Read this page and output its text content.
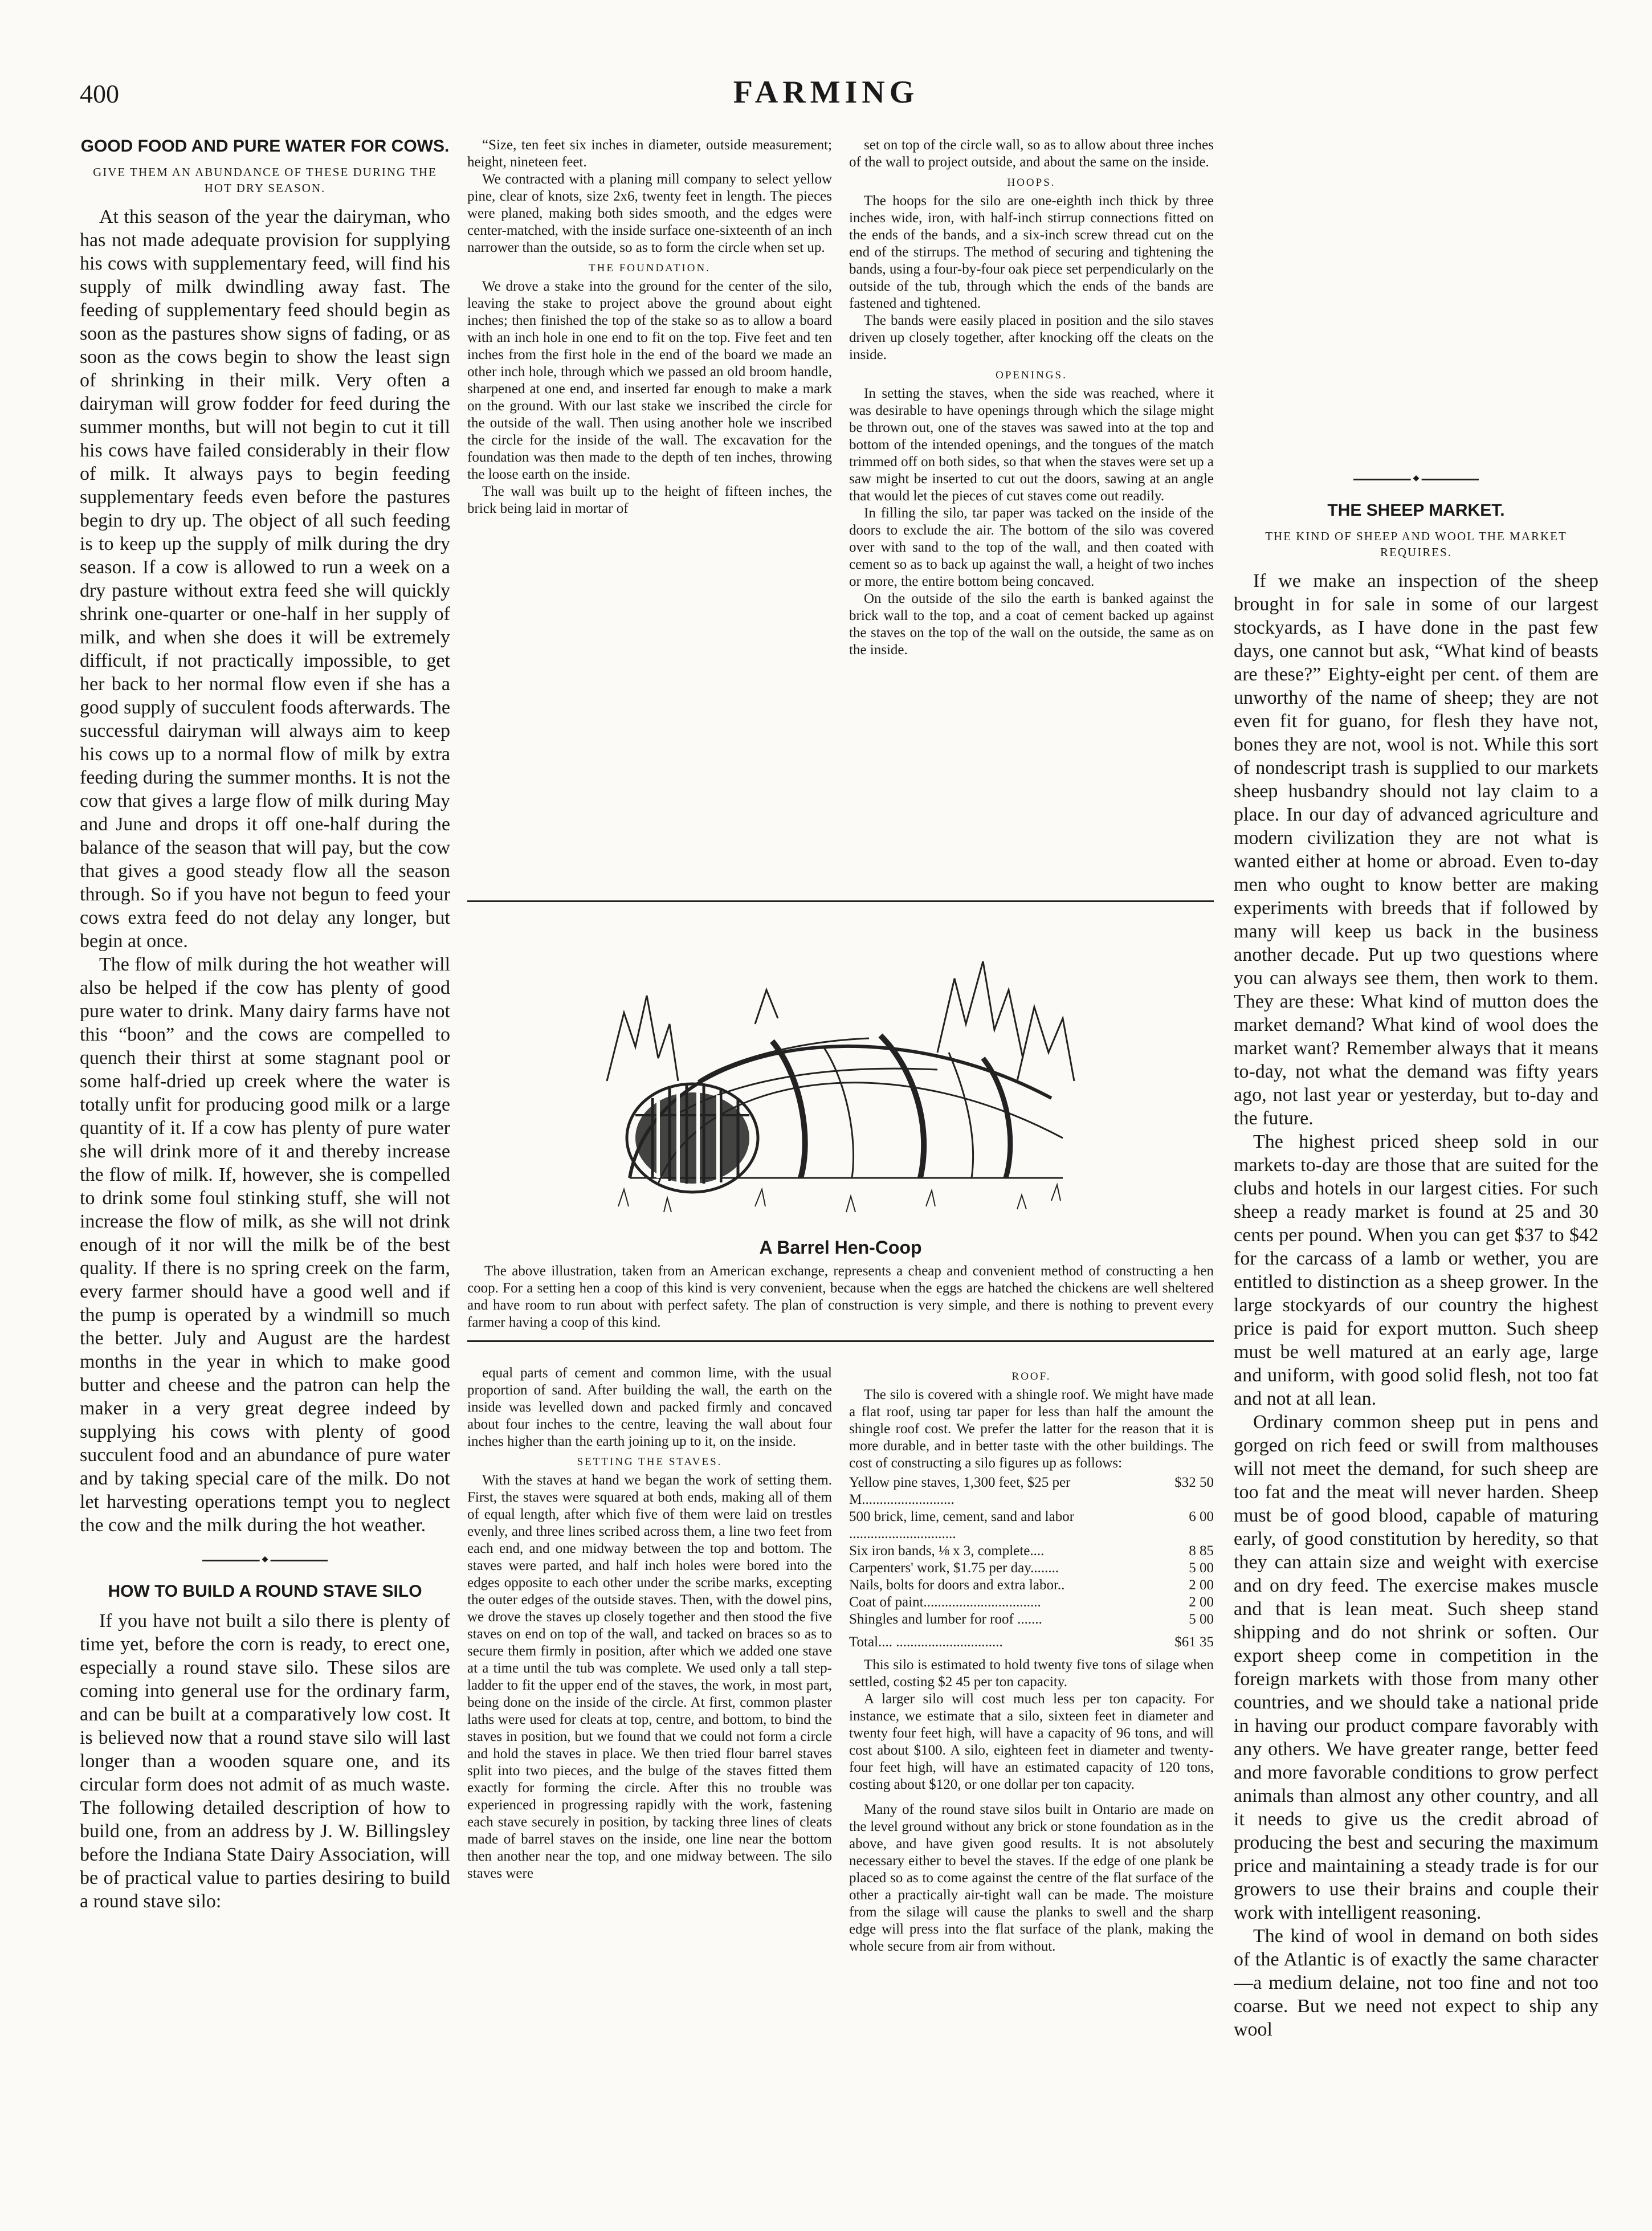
400	FARMING
GOOD FOOD AND PURE WATER FOR COWS.
GIVE THEM AN ABUNDANCE OF THESE DURING THE HOT DRY SEASON.

At this season of the year the dairyman, who has not made adequate provision for supplying his cows with supplementary feed, will find his supply of milk dwindling away fast. The feeding of supplementary feed should begin as soon as the pastures show signs of fading, or as soon as the cows begin to show the least sign of shrinking in their milk. Very often a dairyman will grow fodder for feed during the summer months, but will not begin to cut it till his cows have failed considerably in their flow of milk. It always pays to begin feeding supplementary feeds even before the pastures begin to dry up. The object of all such feeding is to keep up the supply of milk during the dry season. If a cow is allowed to run a week on a dry pasture without extra feed she will quickly shrink one-quarter or one-half in her supply of milk, and when she does it will be extremely difficult, if not practically impossible, to get her back to her normal flow even if she has a good supply of succulent foods afterwards. The successful dairyman will always aim to keep his cows up to a normal flow of milk by extra feeding during the summer months. It is not the cow that gives a large flow of milk during May and June and drops it off one-half during the balance of the season that will pay, but the cow that gives a good steady flow all the season through. So if you have not begun to feed your cows extra feed do not delay any longer, but begin at once.

The flow of milk during the hot weather will also be helped if the cow has plenty of good pure water to drink. Many dairy farms have not this “boon” and the cows are compelled to quench their thirst at some stagnant pool or some half-dried up creek where the water is totally unfit for producing good milk or a large quantity of it. If a cow has plenty of pure water she will drink more of it and thereby increase the flow of milk. If, however, she is compelled to drink some foul stinking stuff, she will not increase the flow of milk, as she will not drink enough of it nor will the milk be of the best quality. If there is no spring creek on the farm, every farmer should have a good well and if the pump is operated by a windmill so much the better. July and August are the hardest months in the year in which to make good butter and cheese and the patron can help the maker in a very great degree indeed by supplying his cows with plenty of good succulent food and an abundance of pure water and by taking special care of the milk. Do not let harvesting operations tempt you to neglect the cow and the milk during the hot weather.

◆
HOW TO BUILD A ROUND STAVE SILO

If you have not built a silo there is plenty of time yet, before the corn is ready, to erect one, especially a round stave silo. These silos are coming into general use for the ordinary farm, and can be built at a comparatively low cost. It is believed now that a round stave silo will last longer than a wooden square one, and its circular form does not admit of as much waste. The following detailed description of how to build one, from an address by J. W. Billingsley before the Indiana State Dairy Association, will be of practical value to parties desiring to build a round stave silo:

“Size, ten feet six inches in diameter, outside measurement; height, nineteen feet.

We contracted with a planing mill company to select yellow pine, clear of knots, size 2x6, twenty feet in length. The pieces were planed, making both sides smooth, and the edges were center-matched, with the inside surface one-sixteenth of an inch narrower than the outside, so as to form the circle when set up.

THE FOUNDATION.

We drove a stake into the ground for the center of the silo, leaving the stake to project above the ground about eight inches; then finished the top of the stake so as to allow a board with an inch hole in one end to fit on the top. Five feet and ten inches from the first hole in the end of the board we made an other inch hole, through which we passed an old broom handle, sharpened at one end, and inserted far enough to make a mark on the ground. With our last stake we inscribed the circle for the outside of the wall. Then using another hole we inscribed the circle for the inside of the wall. The excavation for the foundation was then made to the depth of ten inches, throwing the loose earth on the inside.

The wall was built up to the height of fifteen inches, the brick being laid in mortar of

set on top of the circle wall, so as to allow about three inches of the wall to project outside, and about the same on the inside.

HOOPS.

The hoops for the silo are one-eighth inch thick by three inches wide, iron, with half-inch stirrup connections fitted on the ends of the bands, and a six-inch screw thread cut on the end of the stirrups. The method of securing and tightening the bands, using a four-by-four oak piece set perpendicularly on the outside of the tub, through which the ends of the bands are fastened and tightened.

The bands were easily placed in position and the silo staves driven up closely together, after knocking off the cleats on the inside.

OPENINGS.

In setting the staves, when the side was reached, where it was desirable to have openings through which the silage might be thrown out, one of the staves was sawed into at the top and bottom of the intended openings, and the tongues of the match trimmed off on both sides, so that when the staves were set up a saw might be inserted to cut out the doors, sawing at an angle that would let the pieces of cut staves come out readily.

In filling the silo, tar paper was tacked on the inside of the doors to exclude the air. The bottom of the silo was covered over with sand to the top of the wall, and then coated with cement so as to back up against the wall, a height of two inches or more, the entire bottom being concaved.

On the outside of the silo the earth is banked against the brick wall to the top, and a coat of cement backed up against the staves on the top of the wall on the outside, the same as on the inside.

A Barrel Hen-Coop

The above illustration, taken from an American exchange, represents a cheap and convenient method of constructing a hen coop. For a setting hen a coop of this kind is very convenient, because when the eggs are hatched the chickens are well sheltered and have room to run about with perfect safety. The plan of construction is very simple, and there is nothing to prevent every farmer having a coop of this kind.

equal parts of cement and common lime, with the usual proportion of sand. After building the wall, the earth on the inside was levelled down and packed firmly and concaved about four inches to the centre, leaving the wall about four inches higher than the earth joining up to it, on the inside.

SETTING THE STAVES.

With the staves at hand we began the work of setting them. First, the staves were squared at both ends, making all of them of equal length, after which five of them were laid on trestles evenly, and three lines scribed across them, a line two feet from each end, and one midway between the top and bottom. The staves were parted, and half inch holes were bored into the edges opposite to each other under the scribe marks, excepting the outer edges of the outside staves. Then, with the dowel pins, we drove the staves up closely together and then stood the five staves on end on top of the wall, and tacked on braces so as to secure them firmly in position, after which we added one stave at a time until the tub was complete. We used only a tall step-ladder to fit the upper end of the staves, the work, in most part, being done on the inside of the circle. At first, common plaster laths were used for cleats at top, centre, and bottom, to bind the staves in position, but we found that we could not form a circle and hold the staves in place. We then tried flour barrel staves split into two pieces, and the bulge of the staves fitted them exactly for forming the circle. After this no trouble was experienced in progressing rapidly with the work, fastening each stave securely in position, by tacking three lines of cleats made of barrel staves on the inside, one line near the bottom then another near the top, and one midway between. The silo staves were

ROOF.

The silo is covered with a shingle roof. We might have made a flat roof, using tar paper for less than half the amount the shingle roof cost. We prefer the latter for the reason that it is more durable, and in better taste with the other buildings. The cost of constructing a silo figures up as follows:

Yellow pine staves, 1,300 feet, $25 per M..........................	$32 50
500 brick, lime, cement, sand and labor ..............................	6 00
Six iron bands, ⅛ x 3, complete....	8 85
Carpenters' work, $1.75 per day........	5 00
Nails, bolts for doors and extra labor..	2 00
Coat of paint.................................	2 00
Shingles and lumber for roof .......	5 00
Total.... ..............................	$61 35

This silo is estimated to hold twenty five tons of silage when settled, costing $2 45 per ton capacity.

A larger silo will cost much less per ton capacity. For instance, we estimate that a silo, sixteen feet in diameter and twenty four feet high, will have a capacity of 96 tons, and will cost about $100. A silo, eighteen feet in diameter and twenty-four feet high, will have an estimated capacity of 120 tons, costing about $120, or one dollar per ton capacity.

Many of the round stave silos built in Ontario are made on the level ground without any brick or stone foundation as in the above, and have given good results. It is not absolutely necessary either to bevel the staves. If the edge of one plank be placed so as to come against the centre of the flat surface of the other a practically air-tight wall can be made. The moisture from the silage will cause the planks to swell and the sharp edge will press into the flat surface of the plank, making the whole secure from air from without.

◆
THE SHEEP MARKET.
THE KIND OF SHEEP AND WOOL THE MARKET REQUIRES.

If we make an inspection of the sheep brought in for sale in some of our largest stockyards, as I have done in the past few days, one cannot but ask, “What kind of beasts are these?” Eighty-eight per cent. of them are unworthy of the name of sheep; they are not even fit for guano, for flesh they have not, bones they are not, wool is not. While this sort of nondescript trash is supplied to our markets sheep husbandry should not lay claim to a place. In our day of advanced agriculture and modern civilization they are not what is wanted either at home or abroad. Even to-day men who ought to know better are making experiments with breeds that if followed by many will keep us back in the business another decade. Put up two questions where you can always see them, then work to them. They are these: What kind of mutton does the market demand? What kind of wool does the market want? Remember always that it means to-day, not what the demand was fifty years ago, not last year or yesterday, but to-day and the future.

The highest priced sheep sold in our markets to-day are those that are suited for the clubs and hotels in our largest cities. For such sheep a ready market is found at 25 and 30 cents per pound. When you can get $37 to $42 for the carcass of a lamb or wether, you are entitled to distinction as a sheep grower. In the large stockyards of our country the highest price is paid for export mutton. Such sheep must be well matured at an early age, large and uniform, with good solid flesh, not too fat and not at all lean.

Ordinary common sheep put in pens and gorged on rich feed or swill from malthouses will not meet the demand, for such sheep are too fat and the meat will never harden. Sheep must be of good blood, capable of maturing early, of good constitution by heredity, so that they can attain size and weight with exercise and on dry feed. The exercise makes muscle and that is lean meat. Such sheep stand shipping and do not shrink or soften. Our export sheep come in competition in the foreign markets with those from many other countries, and we should take a national pride in having our product compare favorably with any others. We have greater range, better feed and more favorable conditions to grow perfect animals than almost any other country, and all it needs to give us the credit abroad of producing the best and securing the maximum price and maintaining a steady trade is for our growers to use their brains and couple their work with intelligent reasoning.

The kind of wool in demand on both sides of the Atlantic is of exactly the same character—a medium delaine, not too fine and not too coarse. But we need not expect to ship any wool
